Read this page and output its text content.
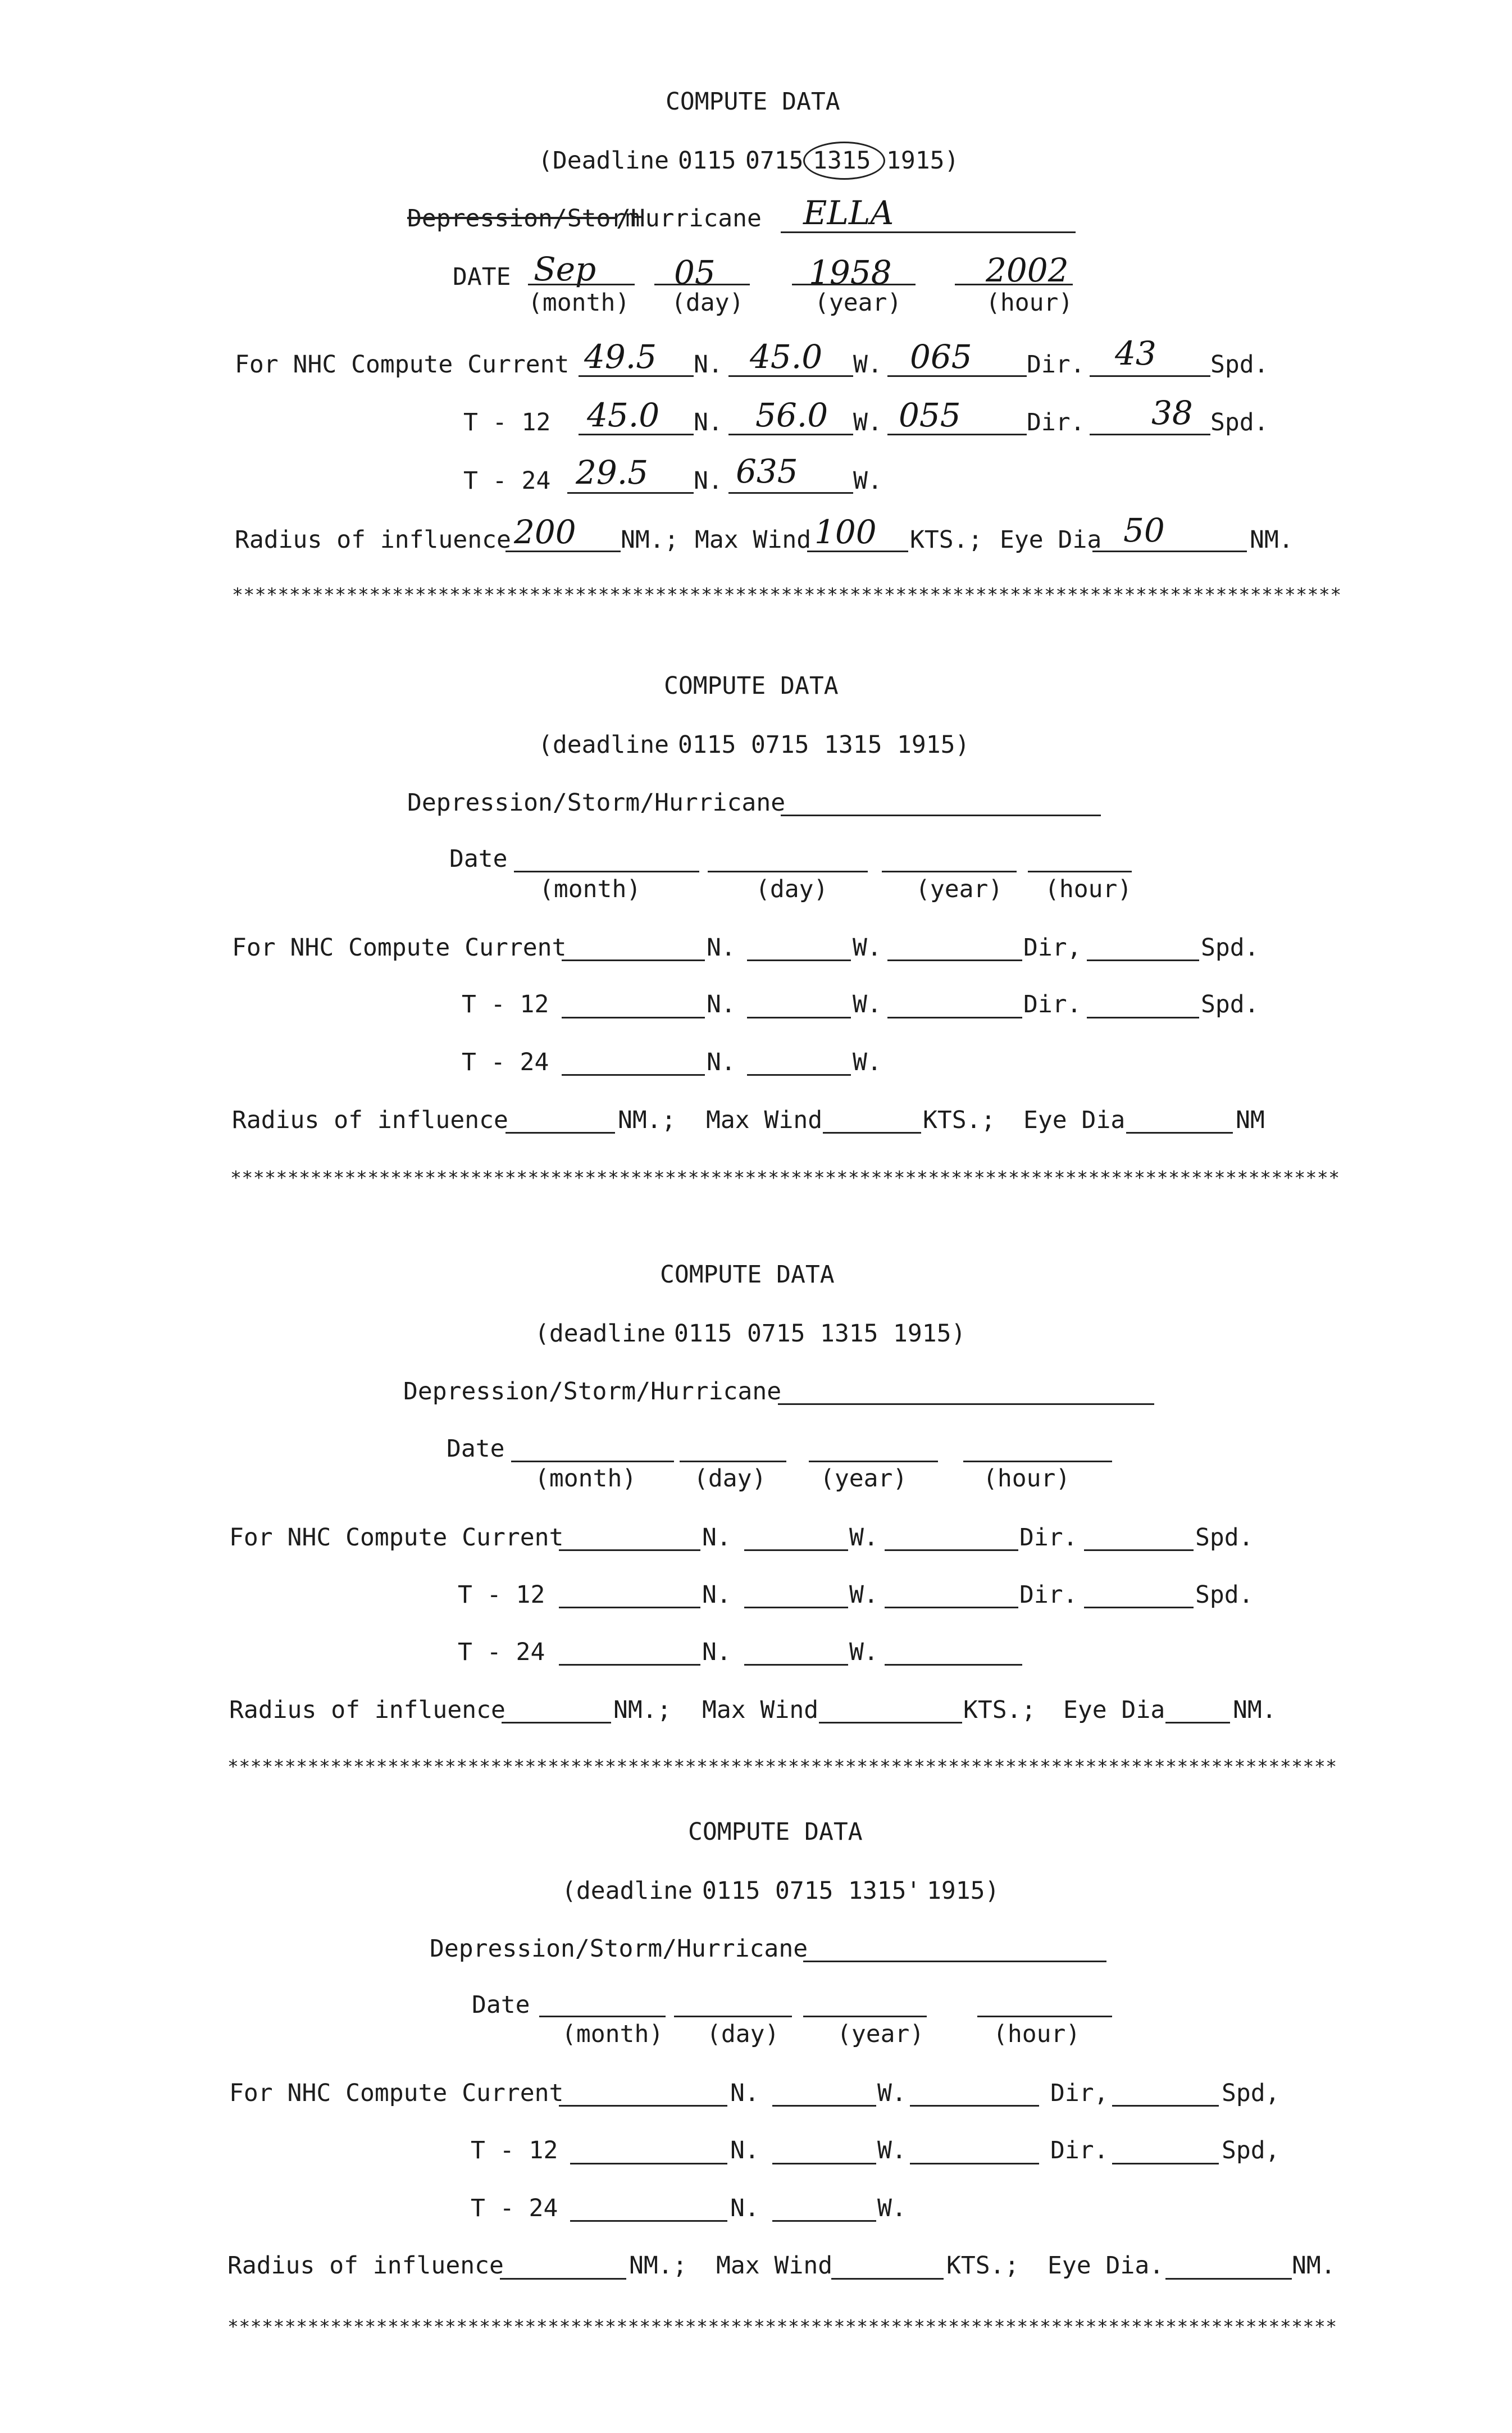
COMPUTE DATA
(Deadline 0115 0715 1315 1915)
Depression/Storm
/Hurricane ELLA
DATE Sep 05	1958	2002
(month) (day)	(year)	(hour)
For NHC Compute Current 49.5 N. 45.0 W. 065 Dir. 43 Spd.
T - 12 45.0 N. 56.0 W. 055	Dir. 38 Spd.
T - 24 29.5 N. 635 W.
Radius of influence 200 NM.; Max Wind 100 KTS.; Eye Dia 50	NM.
*************************************************************************************************
COMPUTE DATA
(deadline 0115 0715 1315 1915)
Depression/Storm/Hurricane
Date
(month)	(day)	(year) (hour)
For NHC Compute Current	N.	W.	Dir,	Spd.
T - 12	N.	W.	Dir.	Spd.
T - 24	N.	W.
Radius of influence	NM.; Max Wind	KTS.; Eye Dia	NM
*************************************************************************************************
COMPUTE DATA
(deadline 0115 0715 1315 1915)
Depression/Storm/Hurricane
Date
(month) (day) (year)	(hour)
For NHC Compute Current	N.	W.	Dir.	Spd.
T - 12	N.	W.	Dir.	Spd.
T - 24	N.	W.
Radius of influence	NM.; Max Wind	KTS.; Eye Dia	NM.
*************************************************************************************************
COMPUTE DATA
(deadline 0115 0715 1315' 1915)
Depression/Storm/Hurricane
Date
(month) (day) (year)	(hour)
For NHC Compute Current	N.	W.	Dir,	Spd,
T - 12	N.	W.	Dir.	Spd,
T - 24	N.	W.
Radius of influence	NM.; Max Wind	KTS.; Eye Dia.	NM.
*************************************************************************************************
